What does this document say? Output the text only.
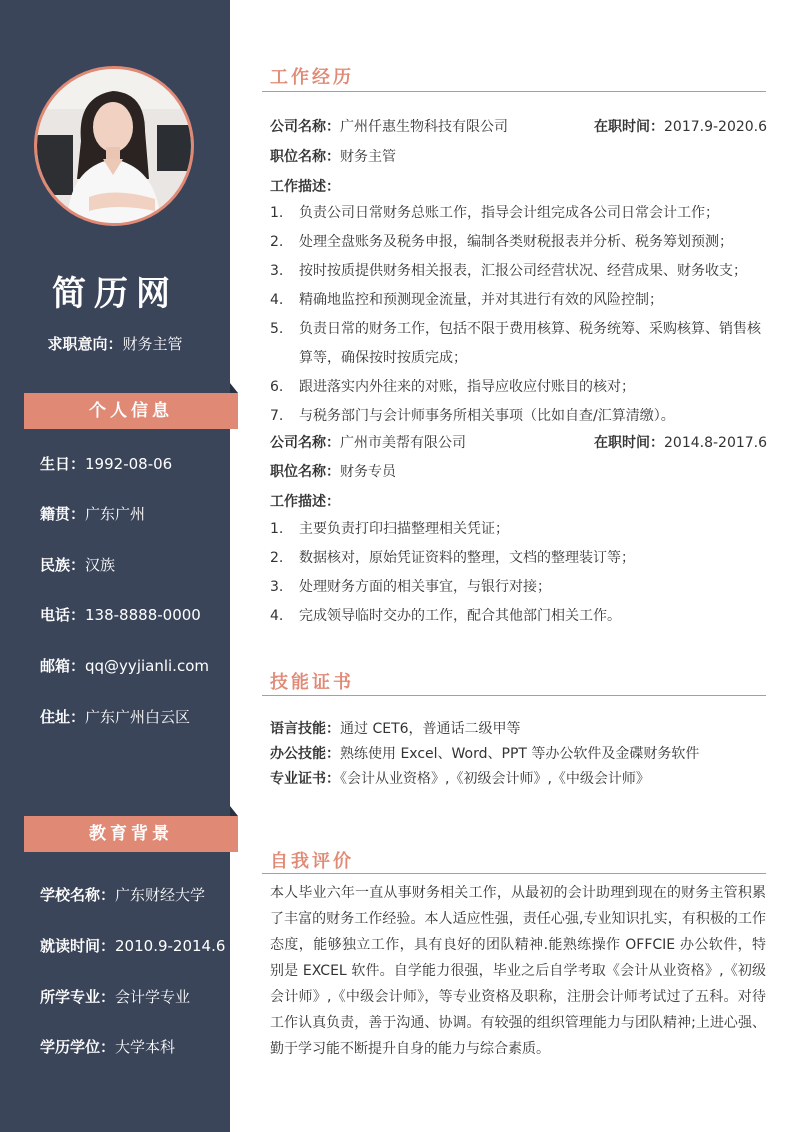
简历网
求职意向：财务主管
个人信息
生日：1992-08-06
籍贯：广东广州
民族：汉族
电话：138-8888-0000
邮箱：qq@yyjianli.com
住址：广东广州白云区
教育背景
学校名称：广东财经大学
就读时间：2010.9-2014.6
所学专业：会计学专业
学历学位：大学本科
工作经历
公司名称：广州仟惠生物科技有限公司	在职时间：2017.9-2020.6
职位名称：财务主管
工作描述：
1. 负责公司日常财务总账工作，指导会计组完成各公司日常会计工作；
2. 处理全盘账务及税务申报，编制各类财税报表并分析、税务筹划预测；
3. 按时按质提供财务相关报表，汇报公司经营状况、经营成果、财务收支；
4. 精确地监控和预测现金流量，并对其进行有效的风险控制；
5. 负责日常的财务工作，包括不限于费用核算、税务统筹、采购核算、销售核算等，确保按时按质完成；
6. 跟进落实内外往来的对账，指导应收应付账目的核对；
7. 与税务部门与会计师事务所相关事项（比如自查/汇算清缴）。
公司名称：广州市美帮有限公司	在职时间：2014.8-2017.6
职位名称：财务专员
工作描述：
1. 主要负责打印扫描整理相关凭证；
2. 数据核对，原始凭证资料的整理，文档的整理装订等；
3. 处理财务方面的相关事宜，与银行对接；
4. 完成领导临时交办的工作，配合其他部门相关工作。
技能证书
语言技能：通过 CET6，普通话二级甲等
办公技能：熟练使用 Excel、Word、PPT 等办公软件及金碟财务软件
专业证书：《会计从业资格》,《初级会计师》,《中级会计师》
自我评价

本人毕业六年一直从事财务相关工作，从最初的会计助理到现在的财务主管积累了丰富的财务工作经验。本人适应性强，责任心强,专业知识扎实，有积极的工作态度，能够独立工作，具有良好的团队精神.能熟练操作 OFFCIE 办公软件，特别是 EXCEL 软件。自学能力很强，毕业之后自学考取《会计从业资格》,《初级会计师》,《中级会计师》，等专业资格及职称，注册会计师考试过了五科。对待工作认真负责，善于沟通、协调。有较强的组织管理能力与团队精神;上进心强、勤于学习能不断提升自身的能力与综合素质。
